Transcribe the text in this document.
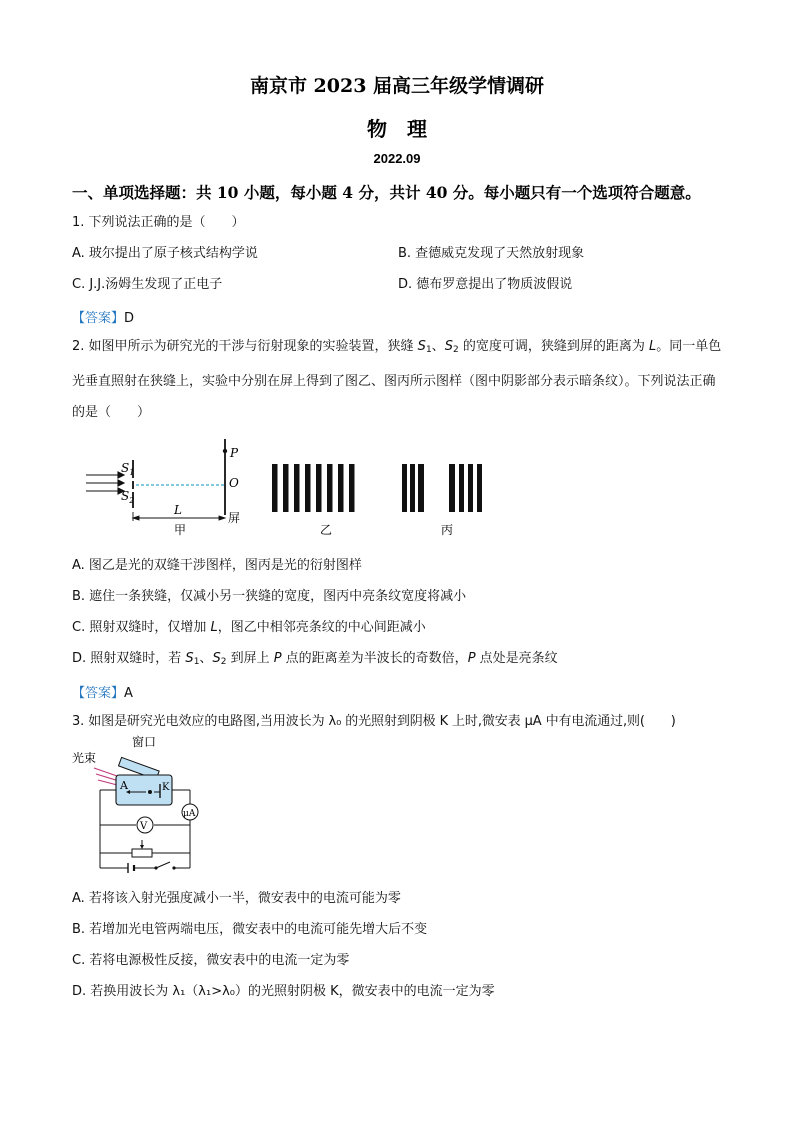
南京市 2023 届高三年级学情调研
物　理
2022.09
一、单项选择题：共 10 小题，每小题 4 分，共计 40 分。每小题只有一个选项符合题意。
1. 下列说法正确的是（　　）
A. 玻尔提出了原子核式结构学说	B. 查德威克发现了天然放射现象
C. J.J.汤姆生发现了正电子	D. 德布罗意提出了物质波假说
【答案】D
2. 如图甲所示为研究光的干涉与衍射现象的实验装置，狭缝 $S_1$、$S_2$ 的宽度可调，狭缝到屏的距离为 L。同一单色光垂直照射在狭缝上，实验中分别在屏上得到了图乙、图丙所示图样（图中阴影部分表示暗条纹）。下列说法正确的是（　　）
$S_1$
$S_2$
P
O
L
甲
屏
乙	丙
A. 图乙是光的双缝干涉图样，图丙是光的衍射图样
B. 遮住一条狭缝，仅减小另一狭缝的宽度，图丙中亮条纹宽度将减小
C. 照射双缝时，仅增加 L，图乙中相邻亮条纹的中心间距减小
D. 照射双缝时，若 $S_1$、$S_2$ 到屏上 P 点的距离差为半波长的奇数倍，P 点处是亮条纹
【答案】A
3. 如图是研究光电效应的电路图,当用波长为 λ₀ 的光照射到阴极 K 上时,微安表 μA 中有电流通过,则(　　)
光束
窗口
A	K
μA
V
A. 若将该入射光强度减小一半，微安表中的电流可能为零
B. 若增加光电管两端电压，微安表中的电流可能先增大后不变
C. 若将电源极性反接，微安表中的电流一定为零
D. 若换用波长为 λ₁（λ₁>λ₀）的光照射阴极 K，微安表中的电流一定为零
